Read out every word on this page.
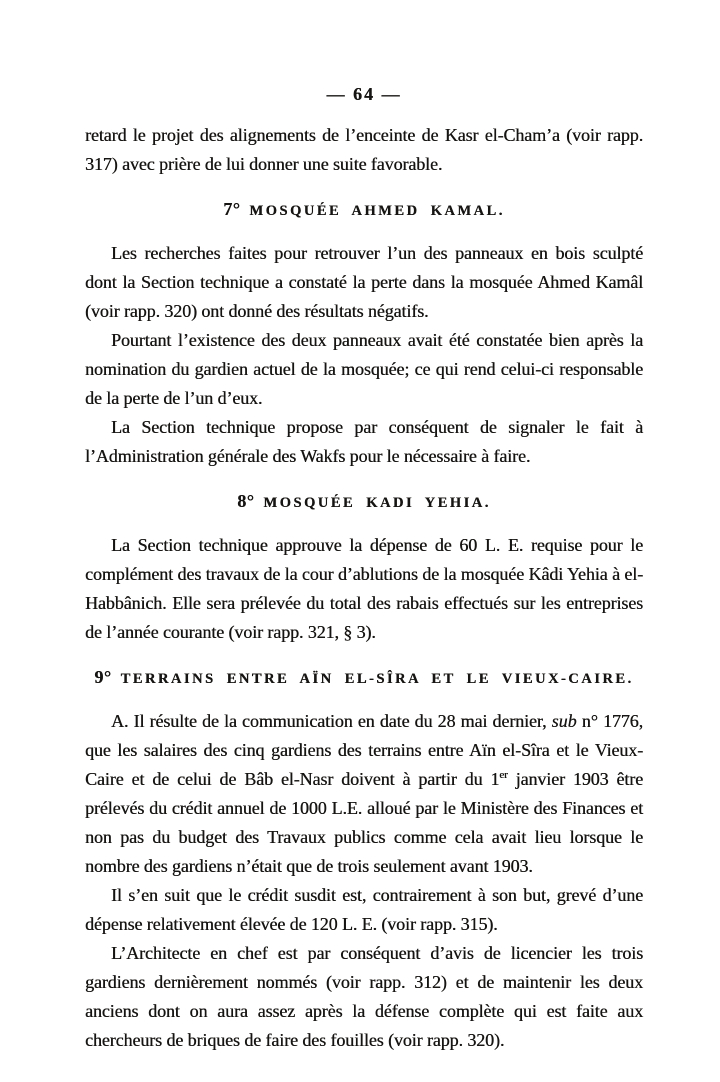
— 64 —

retard le projet des alignements de l’enceinte de Kasr el-Cham’a (voir rapp. 317) avec prière de lui donner une suite favorable.

7° MOSQUÉE AHMED KAMAL.

Les recherches faites pour retrouver l’un des panneaux en bois sculpté dont la Section technique a constaté la perte dans la mosquée Ahmed Kamâl (voir rapp. 320) ont donné des résultats négatifs.

Pourtant l’existence des deux panneaux avait été constatée bien après la nomination du gardien actuel de la mosquée; ce qui rend celui-ci responsable de la perte de l’un d’eux.

La Section technique propose par conséquent de signaler le fait à l’Administration générale des Wakfs pour le nécessaire à faire.

8° MOSQUÉE KADI YEHIA.

La Section technique approuve la dépense de 60 L. E. requise pour le complément des travaux de la cour d’ablutions de la mosquée Kâdi Yehia à el-Habbânich. Elle sera prélevée du total des rabais effectués sur les entreprises de l’année courante (voir rapp. 321, § 3).

9° TERRAINS ENTRE AÏN EL-SÎRA ET LE VIEUX-CAIRE.

A. Il résulte de la communication en date du 28 mai dernier, sub n° 1776, que les salaires des cinq gardiens des terrains entre Aïn el-Sîra et le Vieux-Caire et de celui de Bâb el-Nasr doivent à partir du 1er janvier 1903 être prélevés du crédit annuel de 1000 L.E. alloué par le Ministère des Finances et non pas du budget des Travaux publics comme cela avait lieu lorsque le nombre des gardiens n’était que de trois seulement avant 1903.

Il s’en suit que le crédit susdit est, contrairement à son but, grevé d’une dépense relativement élevée de 120 L. E. (voir rapp. 315).

L’Architecte en chef est par conséquent d’avis de licencier les trois gardiens dernièrement nommés (voir rapp. 312) et de maintenir les deux anciens dont on aura assez après la défense complète qui est faite aux chercheurs de briques de faire des fouilles (voir rapp. 320).
